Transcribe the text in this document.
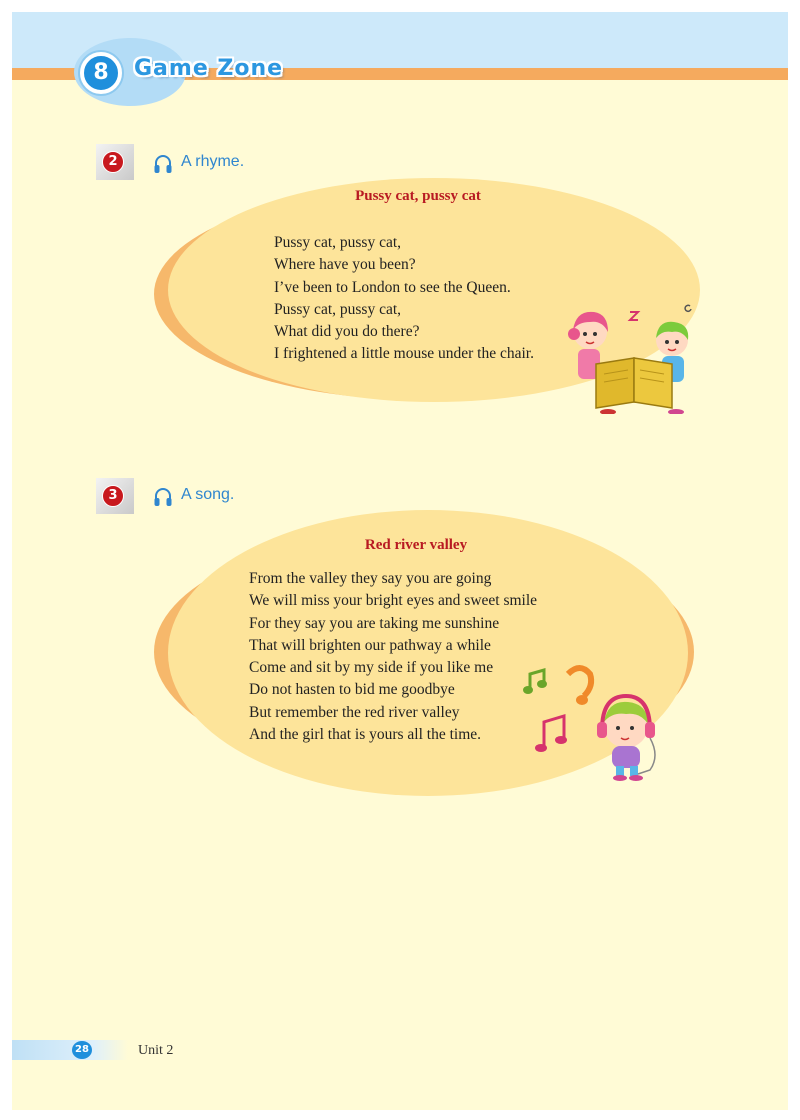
8	Game Zone
2	A rhyme.
Pussy cat, pussy cat
Pussy cat, pussy cat,
Where have you been?
I’ve been to London to see the Queen.
Pussy cat, pussy cat,
What did you do there?
I frightened a little mouse under the chair.
3	A song.
Red river valley
From the valley they say you are going
We will miss your bright eyes and sweet smile
For they say you are taking me sunshine
That will brighten our pathway a while
Come and sit by my side if you like me
Do not hasten to bid me goodbye
But remember the red river valley
And the girl that is yours all the time.
28	Unit 2
